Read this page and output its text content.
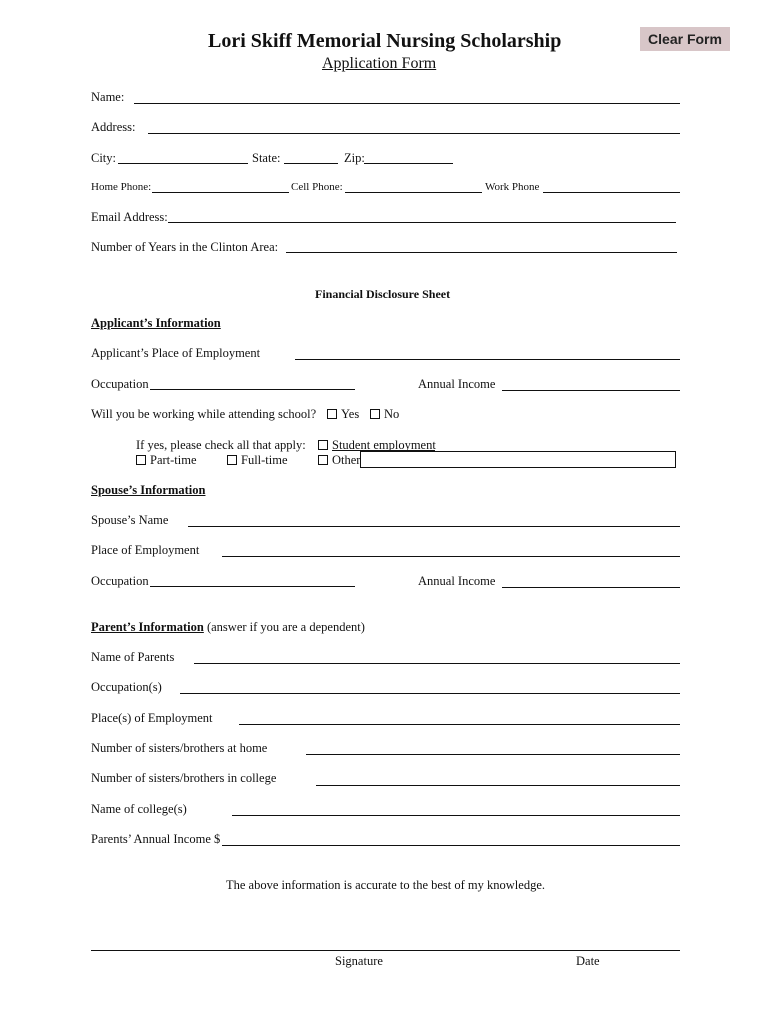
Lori Skiff Memorial Nursing Scholarship
Application Form
Clear Form
Name:
Address:
City:	State:	Zip:
Home Phone:	Cell Phone:	Work Phone
Email Address:
Number of Years in the Clinton Area:
Financial Disclosure Sheet
Applicant’s Information
Applicant’s Place of Employment
Occupation	Annual Income
Will you be working while attending school? Yes No
If yes, please check all that apply: Student employment
Part-time	Full-time	Other
Spouse’s Information
Spouse’s Name
Place of Employment
Occupation	Annual Income
Parent’s Information (answer if you are a dependent)
Name of Parents
Occupation(s)
Place(s) of Employment
Number of sisters/brothers at home
Number of sisters/brothers in college
Name of college(s)
Parents’ Annual Income $
The above information is accurate to the best of my knowledge.
Signature	Date
